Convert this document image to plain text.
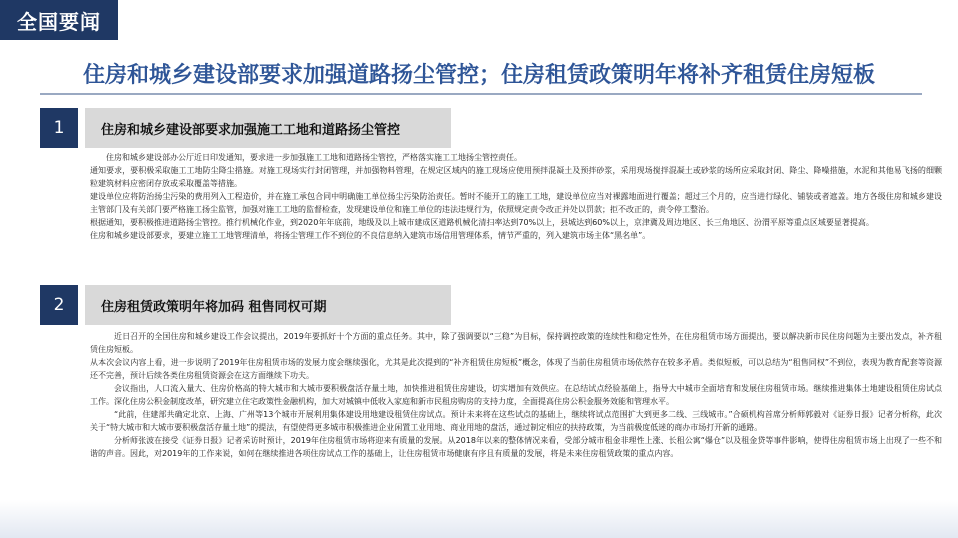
全国要闻
住房和城乡建设部要求加强道路扬尘管控；住房租赁政策明年将补齐租赁住房短板
1	住房和城乡建设部要求加强施工工地和道路扬尘管控

住房和城乡建设部办公厅近日印发通知，要求进一步加强施工工地和道路扬尘管控，严格落实施工工地扬尘管控责任。

通知要求，要积极采取施工工地防尘降尘措施。对施工现场实行封闭管理，并加强物料管理，在规定区域内的施工现场应使用预拌混凝土及预拌砂浆，采用现场搅拌混凝土或砂浆的场所应采取封闭、降尘、降噪措施，水泥和其他易飞扬的细颗粒建筑材料应密闭存放或采取覆盖等措施。

建设单位应将防治扬尘污染的费用列入工程造价，并在施工承包合同中明确施工单位扬尘污染防治责任。暂时不能开工的施工工地，建设单位应当对裸露地面进行覆盖；超过三个月的，应当进行绿化、铺装或者遮盖。地方各级住房和城乡建设主管部门及有关部门要严格施工扬尘监管，加强对施工工地的监督检查，发现建设单位和施工单位的违法违规行为，依照规定责令改正并处以罚款；拒不改正的，责令停工整治。

根据通知，要积极推进道路扬尘管控。推行机械化作业，到2020年年底前，地级及以上城市建成区道路机械化清扫率达到70%以上，县城达到60%以上，京津冀及周边地区、长三角地区、汾渭平原等重点区域要显著提高。

住房和城乡建设部要求，要建立施工工地管理清单，将扬尘管理工作不到位的不良信息纳入建筑市场信用管理体系，情节严重的，列入建筑市场主体“黑名单”。

2	住房租赁政策明年将加码 租售同权可期

近日召开的全国住房和城乡建设工作会议提出，2019年要抓好十个方面的重点任务。其中，除了强调要以“三稳”为目标，保持调控政策的连续性和稳定性外，在住房租赁市场方面提出，要以解决新市民住房问题为主要出发点，补齐租赁住房短板。

从本次会议内容上看，进一步说明了2019年住房租赁市场的发展力度会继续强化，尤其是此次提到的“补齐租赁住房短板”概念，体现了当前住房租赁市场依然存在较多矛盾。类似短板，可以总结为“租售同权”不到位，表现为教育配套等资源还不完善，预计后续各类住房租赁资源会在这方面继续下功夫。

会议指出，人口流入量大、住房价格高的特大城市和大城市要积极盘活存量土地，加快推进租赁住房建设，切实增加有效供应。在总结试点经验基础上，指导大中城市全面培育和发展住房租赁市场。继续推进集体土地建设租赁住房试点工作。深化住房公积金制度改革，研究建立住宅政策性金融机构，加大对城镇中低收入家庭和新市民租房购房的支持力度，全面提高住房公积金服务效能和管理水平。

“此前，住建部共确定北京、上海、广州等13个城市开展利用集体建设用地建设租赁住房试点。预计未来将在这些试点的基础上，继续将试点范围扩大到更多二线、三线城市。”合硕机构首席分析师郭毅对《证券日报》记者分析称，此次关于“特大城市和大城市要积极盘活存量土地”的提法，有望使得更多城市积极推进企业闲置工业用地、商业用地的盘活，通过制定相应的扶持政策，为当前极度低迷的商办市场打开新的通路。

分析师张波在接受《证券日报》记者采访时预计，2019年住房租赁市场将迎来有质量的发展。从2018年以来的整体情况来看，受部分城市租金非理性上涨、长租公寓“爆仓”以及租金贷等事件影响，使得住房租赁市场上出现了一些不和谐的声音。因此，对2019年的工作来说，如何在继续推进各项住房试点工作的基础上，让住房租赁市场健康有序且有质量的发展，将是未来住房租赁政策的重点内容。
